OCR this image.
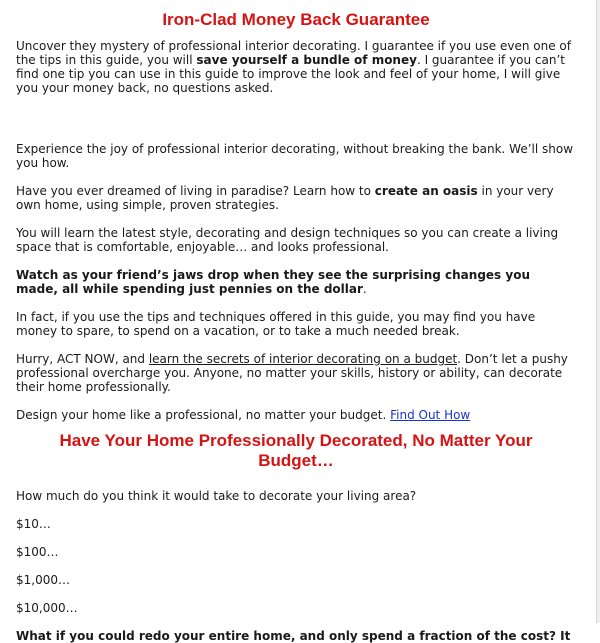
Iron-Clad Money Back Guarantee

Uncover they mystery of professional interior decorating. I guarantee if you use even one of the tips in this guide, you will save yourself a bundle of money. I guarantee if you can’t find one tip you can use in this guide to improve the look and feel of your home, I will give you your money back, no questions asked.

Experience the joy of professional interior decorating, without breaking the bank. We’ll show you how.

Have you ever dreamed of living in paradise? Learn how to create an oasis in your very own home, using simple, proven strategies.

You will learn the latest style, decorating and design techniques so you can create a living space that is comfortable, enjoyable… and looks professional.

Watch as your friend’s jaws drop when they see the surprising changes you made, all while spending just pennies on the dollar.

In fact, if you use the tips and techniques offered in this guide, you may find you have money to spare, to spend on a vacation, or to take a much needed break.

Hurry, ACT NOW, and learn the secrets of interior decorating on a budget. Don’t let a pushy professional overcharge you. Anyone, no matter your skills, history or ability, can decorate their home professionally.

Design your home like a professional, no matter your budget. Find Out How

Have Your Home Professionally Decorated, No Matter Your Budget…

How much do you think it would take to decorate your living area?

$10…

$100…

$1,000…

$10,000…

What if you could redo your entire home, and only spend a fraction of the cost? It
